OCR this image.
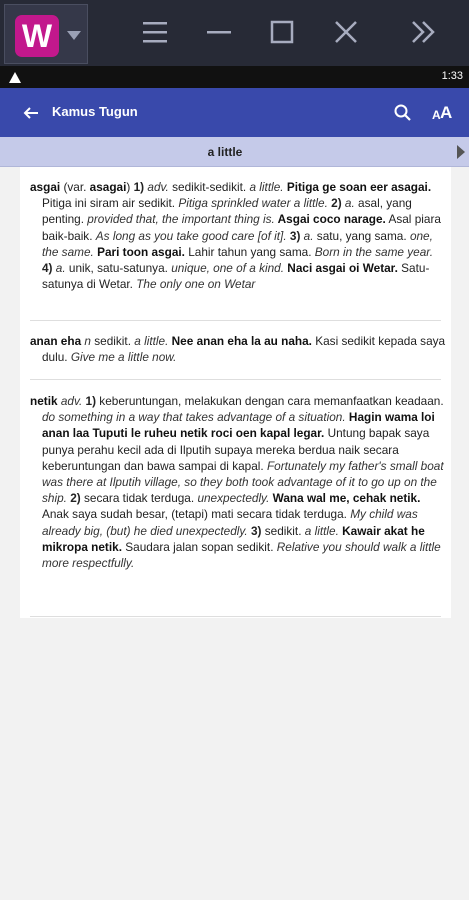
W
1:33
Kamus Tugun	A A
a little
asgai (var. asagai) 1) adv. sedikit-sedikit. a little. Pitiga ge soan eer asagai. Pitiga ini siram air sedikit. Pitiga sprinkled water a little. 2) a. asal, yang penting. provided that, the important thing is. Asgai coco narage. Asal piara baik-baik. As long as you take good care [of it]. 3) a. satu, yang sama. one, the same. Pari toon asgai. Lahir tahun yang sama. Born in the same year. 4) a. unik, satu-satunya. unique, one of a kind. Naci asgai oi Wetar. Satu-satunya di Wetar. The only one on Wetar
anan eha n sedikit. a little. Nee anan eha la au naha. Kasi sedikit kepada saya dulu. Give me a little now.
netik adv. 1) keberuntungan, melakukan dengan cara memanfaatkan keadaan. do something in a way that takes advantage of a situation. Hagin wama loi anan laa Tuputi le ruheu netik roci oen kapal legar. Untung bapak saya punya perahu kecil ada di Ilputih supaya mereka berdua naik secara keberuntungan dan bawa sampai di kapal. Fortunately my father's small boat was there at Ilputih village, so they both took advantage of it to go up on the ship. 2) secara tidak terduga. unexpectedly. Wana wal me, cehak netik. Anak saya sudah besar, (tetapi) mati secara tidak terduga. My child was already big, (but) he died unexpectedly. 3) sedikit. a little. Kawair akat he mikropa netik. Saudara jalan sopan sedikit. Relative you should walk a little more respectfully.
